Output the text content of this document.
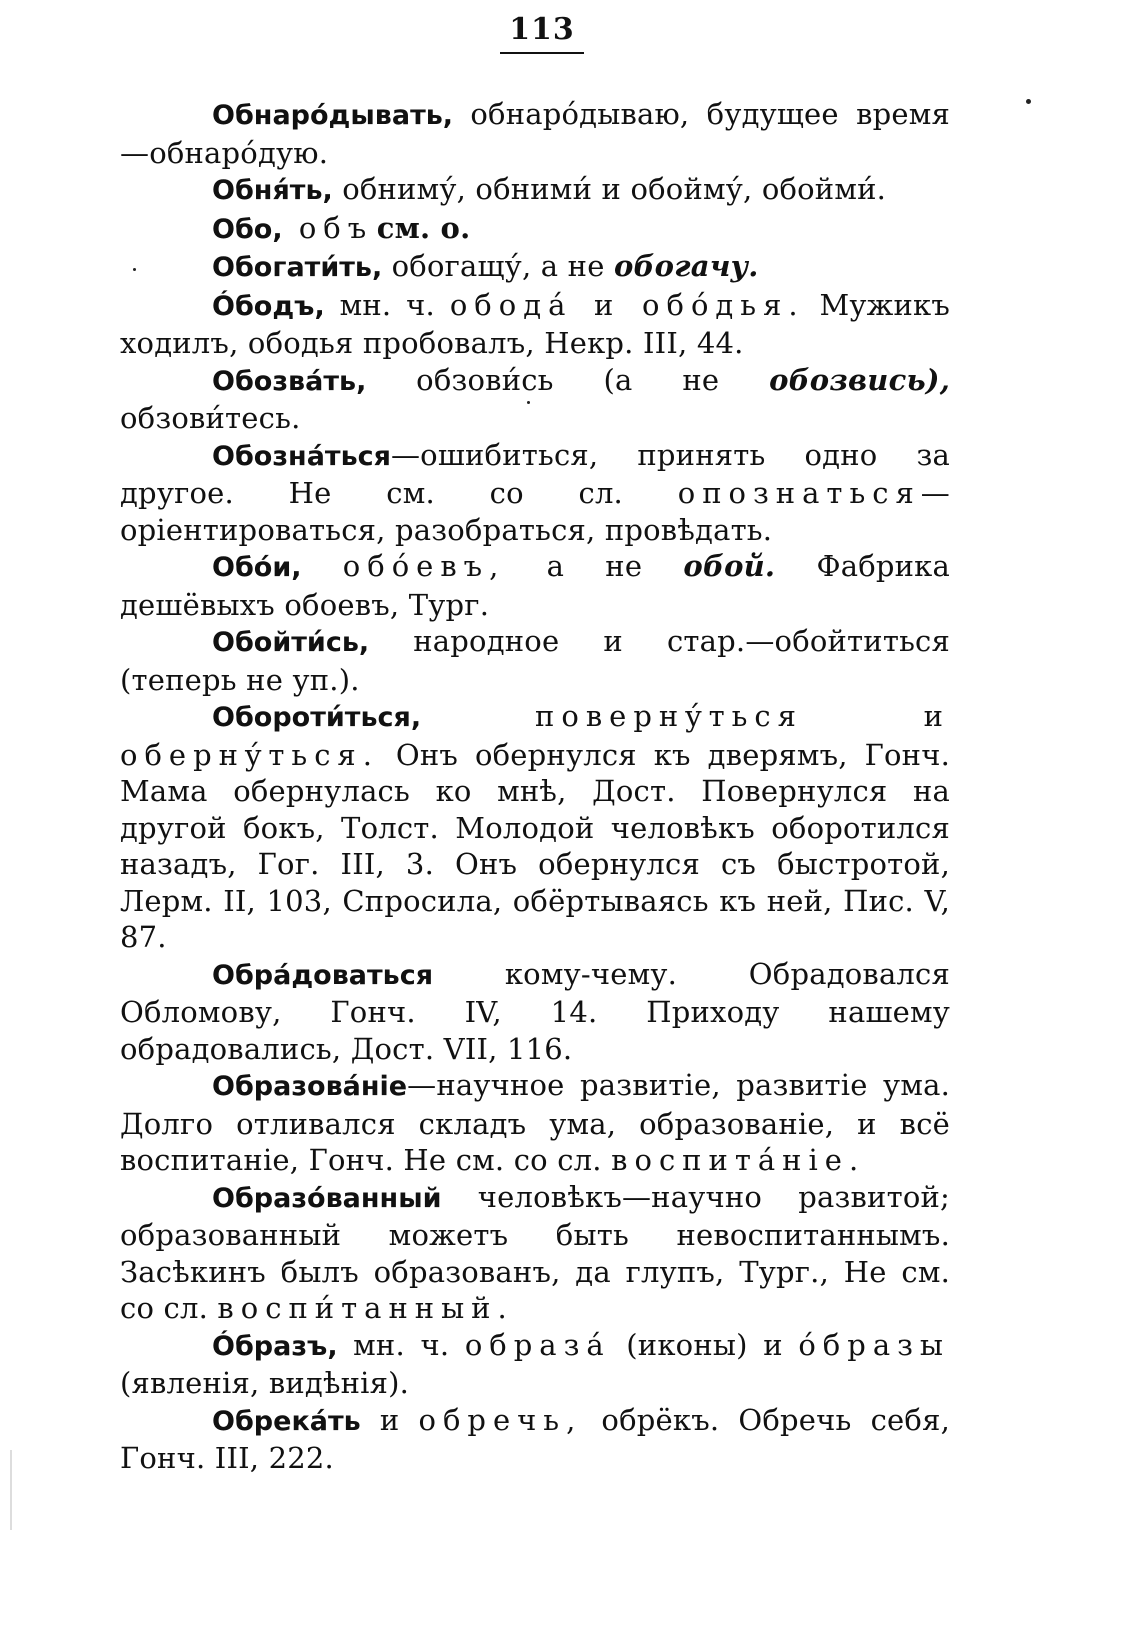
113

Обнарóдывать, обнарóдываю, будущее время—обнарóдую.

Обня́ть, обниму́, обними́ и обойму́, обойми́.

Обо, объ см. о.

Обогати́ть, обогащу́, а не обогачу.

Óбодъ, мн. ч. ободá и обóдья. Мужикъ ходилъ, ободья пробовалъ, Некр. III, 44.

Обозвáть, обзови́сь (а не обозвись), обзови́тесь.

Обознáться—ошибиться, принять одно за другое. Не см. со сл. опознаться—оріентироваться, разобраться, провѣдать.

Обóи, обóевъ, а не обой. Фабрика дешёвыхъ обоевъ, Тург.

Обойти́сь, народное и стар.—обойтиться (теперь не уп.).

Обороти́ться,	повернýться и обернýться. Онъ обернулся къ дверямъ, Гонч. Мама обернулась ко мнѣ, Дост. Повернулся на другой бокъ, Толст. Молодой человѣкъ оборотился назадъ, Гог. III, 3. Онъ обернулся съ быстротой, Лерм. II, 103, Спросила, обёртываясь къ ней, Пис. V, 87.

Обрáдоваться кому-чему. Обрадовался Обломову, Гонч. IV, 14. Приходу нашему обрадовались, Дост. VII, 116.

Образовáніе—научное развитіе, развитіе ума. Долго отливался складъ ума, образованіе, и всё воспитаніе, Гонч. Не см. со сл. воспитáніе.

Образóванный человѣкъ—научно развитой; образованный можетъ быть невоспитаннымъ. Засѣкинъ былъ образованъ, да глупъ, Тург., Не см. со сл. воспи́танный.

Óбразъ, мн. ч. образá (иконы) и óбразы (явленія, видѣнія).

Обрекáть и обречь, обрёкъ. Обречь себя, Гонч. III, 222.
